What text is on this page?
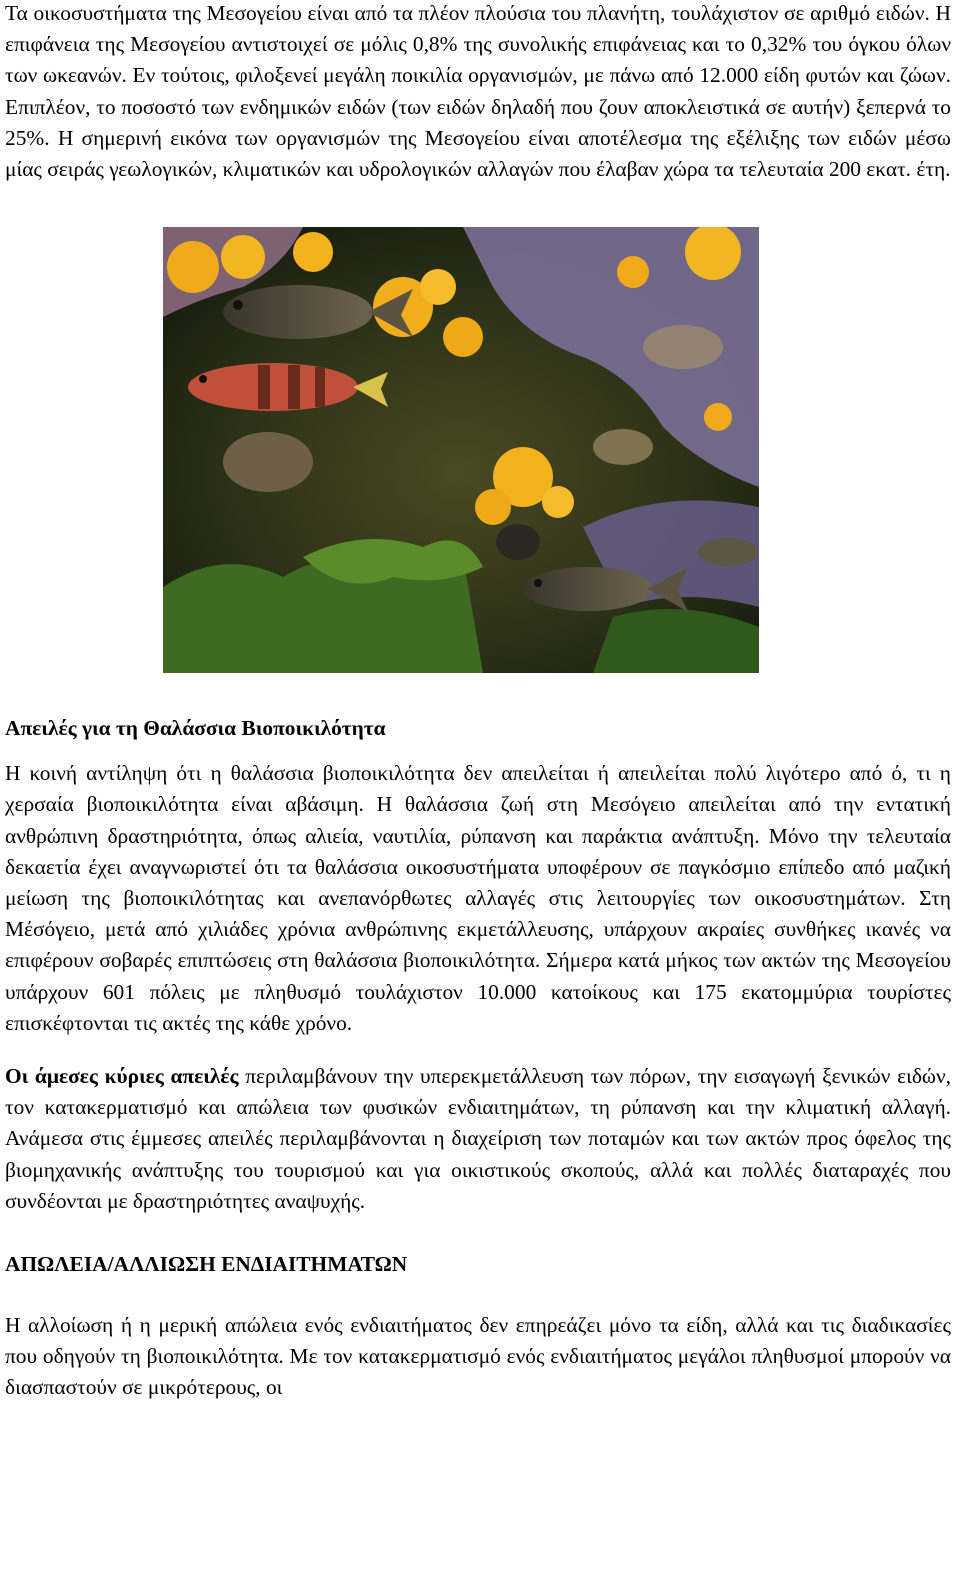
Τα οικοσυστήματα της Μεσογείου είναι από τα πλέον πλούσια του πλανήτη, τουλάχιστον σε αριθμό ειδών. Η επιφάνεια της Μεσογείου αντιστοιχεί σε μόλις 0,8% της συνολικής επιφάνειας και το 0,32% του όγκου όλων των ωκεανών. Εν τούτοις, φιλοξενεί μεγάλη ποικιλία οργανισμών, με πάνω από 12.000 είδη φυτών και ζώων. Επιπλέον, το ποσοστό των ενδημικών ειδών (των ειδών δηλαδή που ζουν αποκλειστικά σε αυτήν) ξεπερνά το 25%. Η σημερινή εικόνα των οργανισμών της Μεσογείου είναι αποτέλεσμα της εξέλιξης των ειδών μέσω μίας σειράς γεωλογικών, κλιματικών και υδρολογικών αλλαγών που έλαβαν χώρα τα τελευταία 200 εκατ. έτη.

Απειλές για τη Θαλάσσια Βιοποικιλότητα

Η κοινή αντίληψη ότι η θαλάσσια βιοποικιλότητα δεν απειλείται ή απειλείται πολύ λιγότερο από ό, τι η χερσαία βιοποικιλότητα είναι αβάσιμη. Η θαλάσσια ζωή στη Μεσόγειο απειλείται από την εντατική ανθρώπινη δραστηριότητα, όπως αλιεία, ναυτιλία, ρύπανση και παράκτια ανάπτυξη. Μόνο την τελευταία δεκαετία έχει αναγνωριστεί ότι τα θαλάσσια οικοσυστήματα υποφέρουν σε παγκόσμιο επίπεδο από μαζική μείωση της βιοποικιλότητας και ανεπανόρθωτες αλλαγές στις λειτουργίες των οικοσυστημάτων. Στη Μέσόγειο, μετά από χιλιάδες χρόνια ανθρώπινης εκμετάλλευσης, υπάρχουν ακραίες συνθήκες ικανές να επιφέρουν σοβαρές επιπτώσεις στη θαλάσσια βιοποικιλότητα. Σήμερα κατά μήκος των ακτών της Μεσογείου υπάρχουν 601 πόλεις με πληθυσμό τουλάχιστον 10.000 κατοίκους και 175 εκατομμύρια τουρίστες επισκέφτονται τις ακτές της κάθε χρόνο.

Οι άμεσες κύριες απειλές περιλαμβάνουν την υπερεκμετάλλευση των πόρων, την εισαγωγή ξενικών ειδών, τον κατακερματισμό και απώλεια των φυσικών ενδιαιτημάτων, τη ρύπανση και την κλιματική αλλαγή. Ανάμεσα στις έμμεσες απειλές περιλαμβάνονται η διαχείριση των ποταμών και των ακτών προς όφελος της βιομηχανικής ανάπτυξης του τουρισμού και για οικιστικούς σκοπούς, αλλά και πολλές διαταραχές που συνδέονται με δραστηριότητες αναψυχής.

ΑΠΩΛΕΙΑ/ΑΛΛΙΩΣΗ ΕΝΔΙΑΙΤΗΜΑΤΩΝ

Η αλλοίωση ή η μερική απώλεια ενός ενδιαιτήματος δεν επηρεάζει μόνο τα είδη, αλλά και τις διαδικασίες που οδηγούν τη βιοποικιλότητα. Με τον κατακερματισμό ενός ενδιαιτήματος μεγάλοι πληθυσμοί μπορούν να διασπαστούν σε μικρότερους, οι
